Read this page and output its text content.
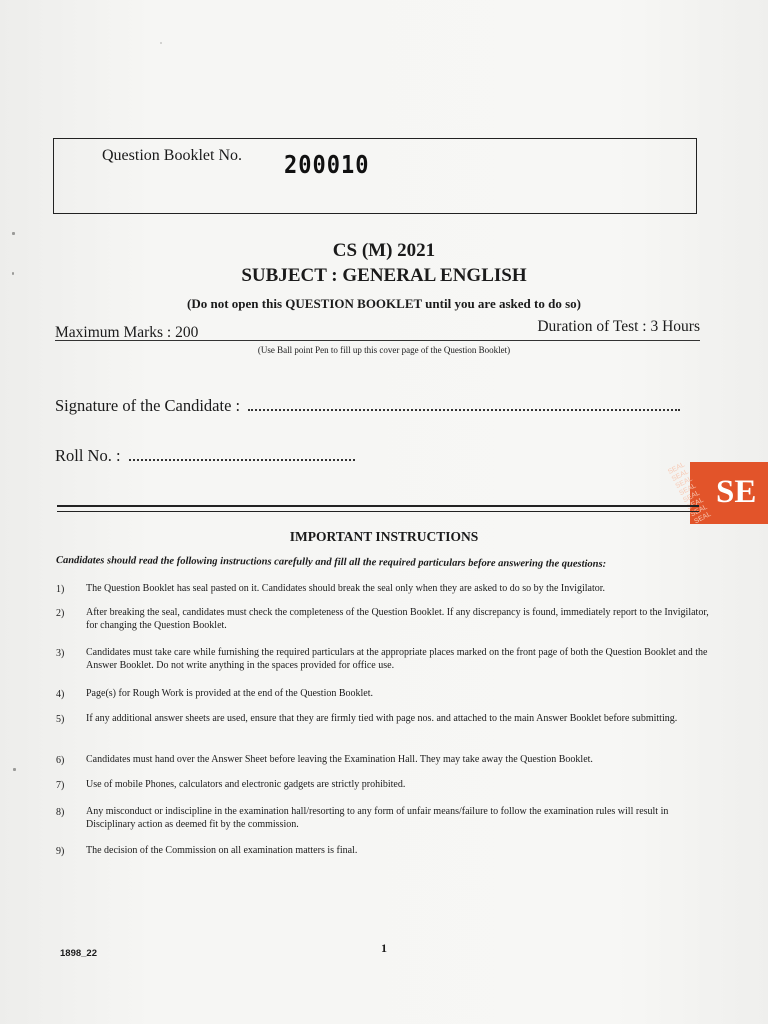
Question Booklet No. 200010
CS (M) 2021
SUBJECT : GENERAL ENGLISH
(Do not open this QUESTION BOOKLET until you are asked to do so)
Maximum Marks : 200	Duration of Test : 3 Hours
(Use Ball point Pen to fill up this cover page of the Question Booklet)
Signature of the Candidate :
Roll No. :
SEAL SEAL SEAL SEAL SEAL SEAL SEAL SEAL
SE
IMPORTANT INSTRUCTIONS
Candidates should read the following instructions carefully and fill all the required particulars before answering the questions:
1)	The Question Booklet has seal pasted on it. Candidates should break the seal only when they are asked to do so by the Invigilator.
2)	After breaking the seal, candidates must check the completeness of the Question Booklet. If any discrepancy is found, immediately report to the Invigilator, for changing the Question Booklet.
3)	Candidates must take care while furnishing the required particulars at the appropriate places marked on the front page of both the Question Booklet and the Answer Booklet. Do not write anything in the spaces provided for office use.
4)	Page(s) for Rough Work is provided at the end of the Question Booklet.
5)	If any additional answer sheets are used, ensure that they are firmly tied with page nos. and attached to the main Answer Booklet before submitting.
6)	Candidates must hand over the Answer Sheet before leaving the Examination Hall. They may take away the Question Booklet.
7)	Use of mobile Phones, calculators and electronic gadgets are strictly prohibited.
8)	Any misconduct or indiscipline in the examination hall/resorting to any form of unfair means/failure to follow the examination rules will result in Disciplinary action as deemed fit by the commission.
9)	The decision of the Commission on all examination matters is final.
1898_22	1
